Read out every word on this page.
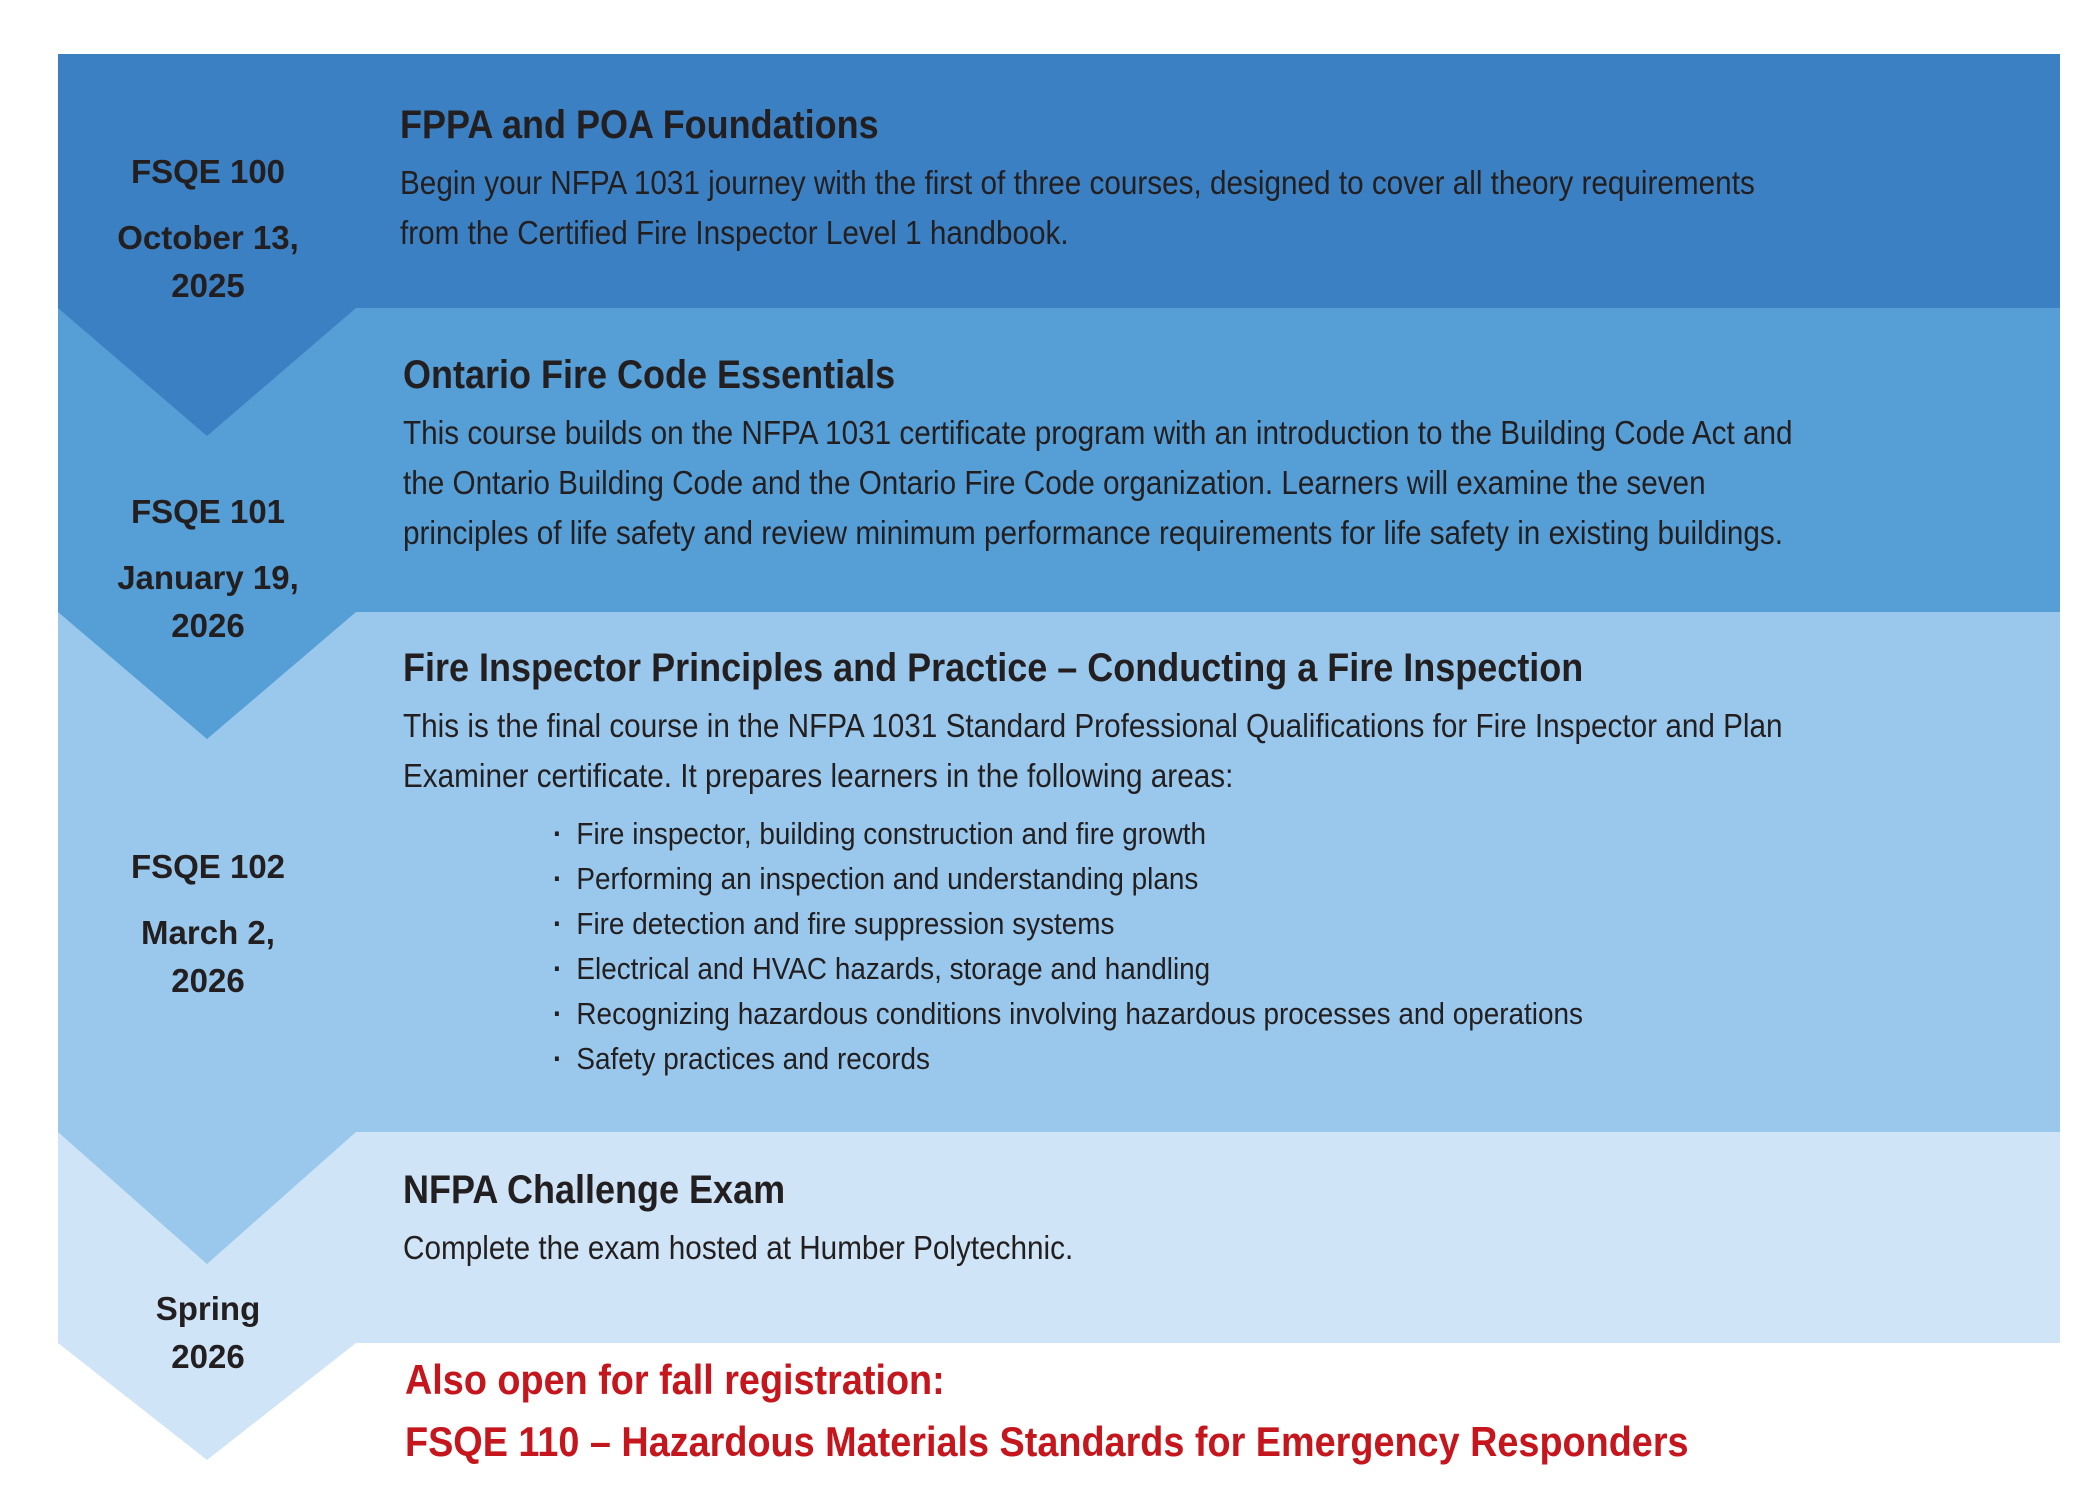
FSQE 100
October 13,
2025
FSQE 101
January 19,
2026
FSQE 102
March 2,
2026
Spring
2026
FPPA and POA Foundations
Begin your NFPA 1031 journey with the first of three courses, designed to cover all theory requirements from the Certified Fire Inspector Level 1 handbook.
Ontario Fire Code Essentials
This course builds on the NFPA 1031 certificate program with an introduction to the Building Code Act and the Ontario Building Code and the Ontario Fire Code organization. Learners will examine the seven principles of life safety and review minimum performance requirements for life safety in existing buildings.
Fire Inspector Principles and Practice – Conducting a Fire Inspection
This is the final course in the NFPA 1031 Standard Professional Qualifications for Fire Inspector and Plan Examiner certificate. It prepares learners in the following areas:
· Fire inspector, building construction and fire growth
· Performing an inspection and understanding plans
· Fire detection and fire suppression systems
· Electrical and HVAC hazards, storage and handling
· Recognizing hazardous conditions involving hazardous processes and operations
· Safety practices and records
NFPA Challenge Exam
Complete the exam hosted at Humber Polytechnic.
Also open for fall registration:
FSQE 110 – Hazardous Materials Standards for Emergency Responders
